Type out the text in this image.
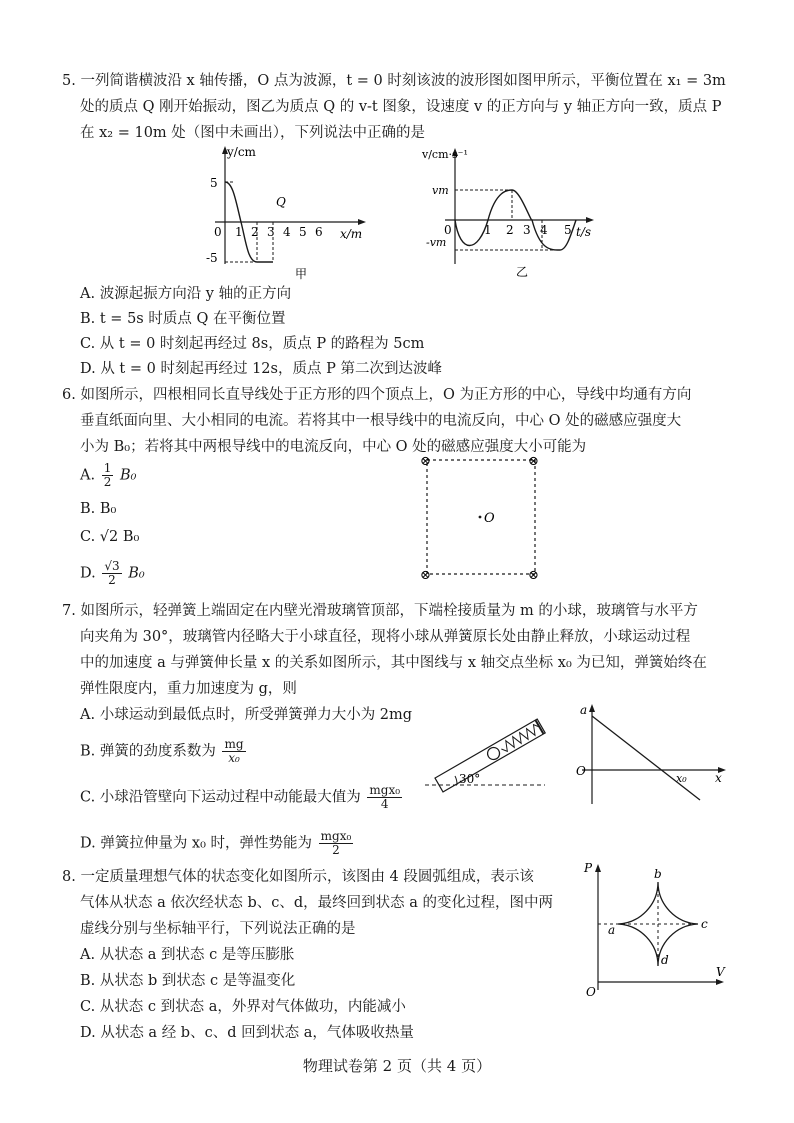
5. 一列简谐横波沿 x 轴传播，O 点为波源，t = 0 时刻该波的波形图如图甲所示，平衡位置在 x₁ = 3m
处的质点 Q 刚开始振动，图乙为质点 Q 的 v-t 图象，设速度 v 的正方向与 y 轴正方向一致，质点 P
在 x₂ = 10m 处（图中未画出），下列说法中正确的是
y/cm
x/m
5
-5
0 1 2 3 4 5 6
Q
甲
v/cm·s⁻¹
t/s
vm
-vm
0	1 2 3 4 5
乙
A. 波源起振方向沿 y 轴的正方向
B. t = 5s 时质点 Q 在平衡位置
C. 从 t = 0 时刻起再经过 8s，质点 P 的路程为 5cm
D. 从 t = 0 时刻起再经过 12s，质点 P 第二次到达波峰
6. 如图所示，四根相同长直导线处于正方形的四个顶点上，O 为正方形的中心，导线中均通有方向
垂直纸面向里、大小相同的电流。若将其中一根导线中的电流反向，中心 O 处的磁感应强度大
小为 B₀；若将其中两根导线中的电流反向，中心 O 处的磁感应强度大小可能为
A. $\frac{1}{2} B_0$
B. B₀
C. √2 B₀
D. $\frac{√3}{2} B_0$
⊗	⊗
⊗	⊗
O
7. 如图所示，轻弹簧上端固定在内壁光滑玻璃管顶部，下端栓接质量为 m 的小球，玻璃管与水平方
向夹角为 30°，玻璃管内径略大于小球直径，现将小球从弹簧原长处由静止释放，小球运动过程
中的加速度 a 与弹簧伸长量 x 的关系如图所示，其中图线与 x 轴交点坐标 x₀ 为已知，弹簧始终在
弹性限度内，重力加速度为 g，则
A. 小球运动到最低点时，所受弹簧弹力大小为 2mg
B. 弹簧的劲度系数为 $\frac{mg}{\text{x₀}}$
C. 小球沿管壁向下运动过程中动能最大值为 $\frac{\text{mgx₀}}{4}$
D. 弹簧拉伸量为 x₀ 时，弹性势能为 $\frac{\text{mgx₀}}{2}$
30°
a
x
O
x₀
8. 一定质量理想气体的状态变化如图所示，该图由 4 段圆弧组成，表示该
气体从状态 a 依次经状态 b、c、d，最终回到状态 a 的变化过程，图中两
虚线分别与坐标轴平行，下列说法正确的是
A. 从状态 a 到状态 c 是等压膨胀
B. 从状态 b 到状态 c 是等温变化
C. 从状态 c 到状态 a，外界对气体做功，内能减小
D. 从状态 a 经 b、c、d 回到状态 a，气体吸收热量
P
V
O
a
b
c
d
物理试卷第 2 页（共 4 页）
